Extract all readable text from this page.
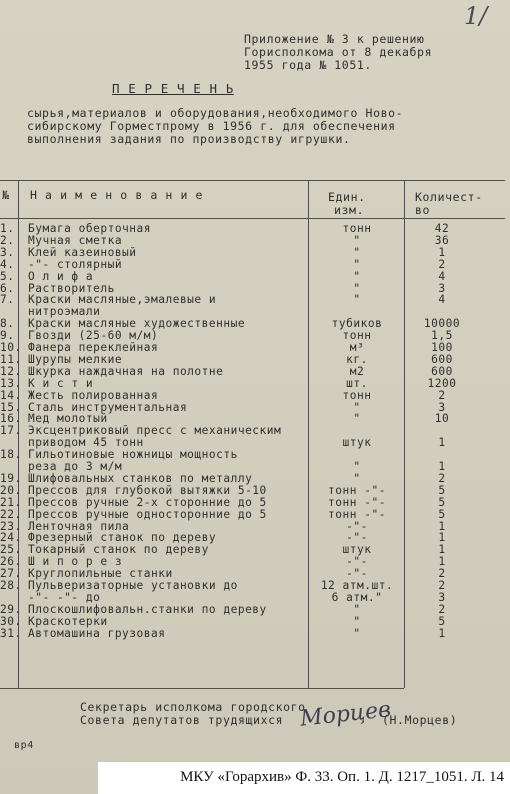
1/
Приложение № 3 к решению
Горисполкома от 8 декабря
1955 года № 1051.
П Е Р Е Ч Е Н Ь
сырья,материалов и оборудования,необходимого Ново-
сибирскому Горместпрому в 1956 г. для обеспечения
выполнения задания по производству игрушки.
№ Н а и м е н о в а н и е	Един.
изм.
Количест-
во
1. Бумага оберточная	тонн	42
2. Мучная сметка	"	36
3. Клей казеиновый	"	1
4. -"- столярный	"	2
5. О л и ф а	"	4
6. Растворитель	"	3
7. Краски масляные,эмалевые и	"	4
нитроэмали
8. Краски масляные художественные	тубиков	10000
9. Гвозди (25-60 м/м)	тонн	1,5
10. Фанера переклейная	м³	100
11. Шурупы мелкие	кг.	600
12. Шкурка наждачная на полотне	м2	600
13. К и с т и	шт.	1200
14. Жесть полированная	тонн	2
15. Сталь инструментальная	"	3
16. Мед молотый	"	10
17. Эксцентриковый пресс с механическим
приводом 45 тонн	штук	1
18. Гильотиновые ножницы мощность
реза до 3 м/м	"	1
19. Шлифовальных станков по металлу	"	2
20. Прессов для глубокой вытяжки 5-10	тонн -"-	5
21. Прессов ручные 2-х сторонние до 5	тонн -"-	5
22. Прессов ручные односторонние до 5	тонн -"-	5
23. Ленточная пила	-"-	1
24. Фрезерный станок по дереву	-"-	1
25. Токарный станок по дереву	штук	1
26. Ш и п о р е з	-"-	1
27. Круглопильные станки	-"-	2
28. Пульверизаторные установки до	12 атм.шт.	2
-"- -"- до	6 атм."	3
29. Плоскошлифовальн.станки по дереву	"	2
30. Краскотерки	"	5
31. Автомашина грузовая	"	1
Секретарь исполкома городского
Совета депутатов трудящихся Морцев
(Н.Морцев)
вр4
МКУ «Горархив» Ф. 33. Оп. 1. Д. 1217_1051. Л. 14
